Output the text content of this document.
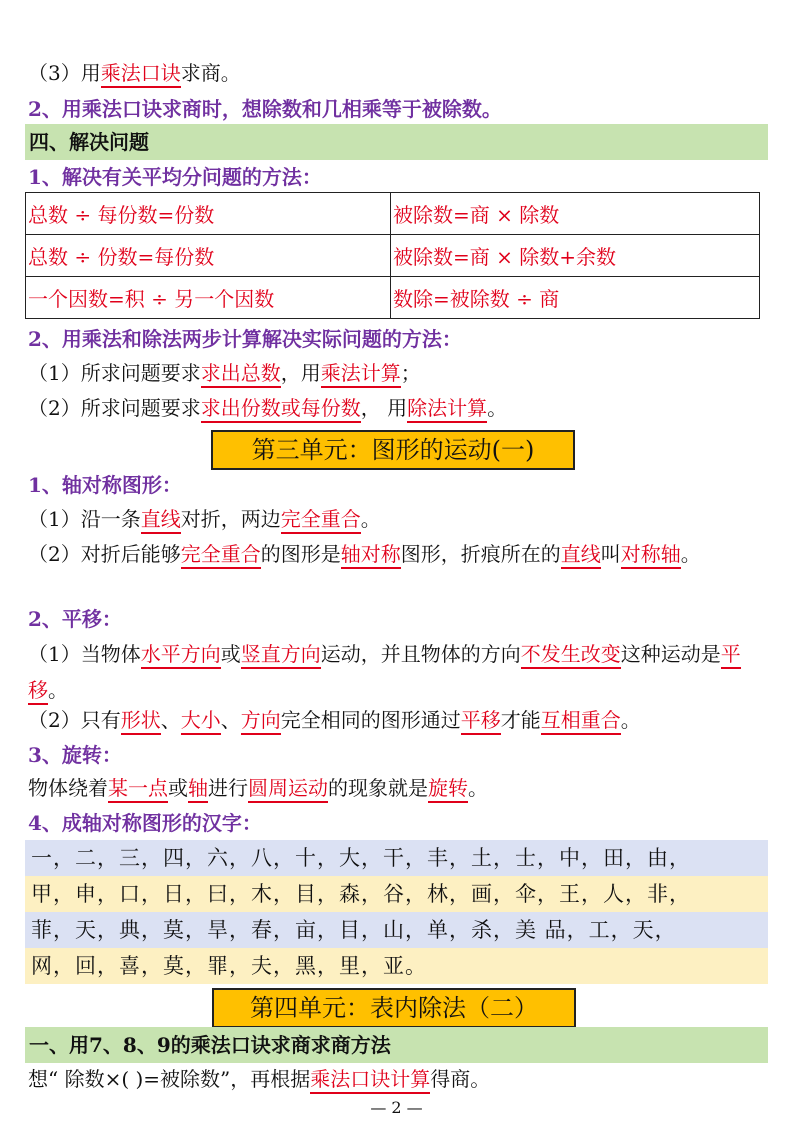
（3）用乘法口诀求商。
2、用乘法口诀求商时，想除数和几相乘等于被除数。
四、解决问题
1、解决有关平均分问题的方法：
总数 ÷ 每份数=份数	被除数=商 × 除数
总数 ÷ 份数=每份数	被除数=商 × 除数+余数
一个因数=积 ÷ 另一个因数	数除=被除数 ÷ 商
2、用乘法和除法两步计算解决实际问题的方法：
（1）所求问题要求求出总数，用乘法计算；
（2）所求问题要求求出份数或每份数， 用除法计算。
第三单元：图形的运动(一)
1、轴对称图形：
（1）沿一条直线对折，两边完全重合。
（2）对折后能够完全重合的图形是轴对称图形，折痕所在的直线叫对称轴。
2、平移：
（1）当物体水平方向或竖直方向运动，并且物体的方向不发生改变这种运动是平移。
（2）只有形状、大小、方向完全相同的图形通过平移才能互相重合。
3、旋转：
物体绕着某一点或轴进行圆周运动的现象就是旋转。
4、成轴对称图形的汉字：
一，二，三，四，六，八，十，大，干，丰，土，士，中，田，由，
甲，申，口，日，曰，木，目，森，谷，林，画，伞，王，人，非，
菲，天，典，莫，旱，春，亩，目，山，单，杀，美 品，工，天，
网，回，喜，莫，罪，夫，黑，里，亚。
第四单元：表内除法（二）
一、用7、8、9的乘法口诀求商求商方法
想“ 除数×( )=被除数”，再根据乘法口诀计算得商。
— 2 —
